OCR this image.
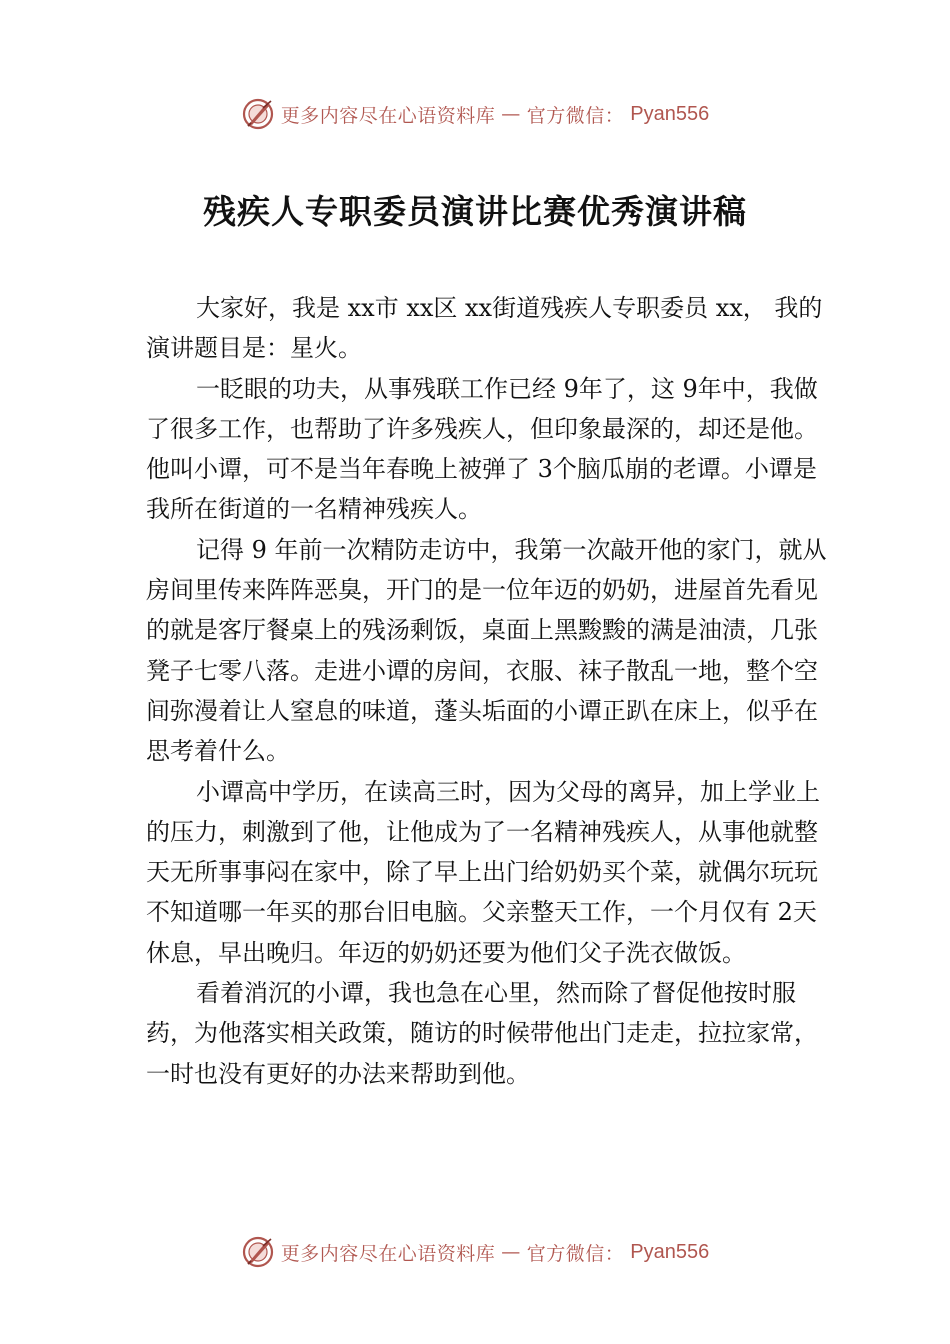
更多内容尽在心语资料库 — 官方微信： Pyan556
残疾人专职委员演讲比赛优秀演讲稿

大家好，我是 xx市 xx区 xx街道残疾人专职委员 xx， 我的演讲题目是：星火。

一眨眼的功夫，从事残联工作已经 9年了，这 9年中，我做了很多工作，也帮助了许多残疾人，但印象最深的，却还是他。他叫小谭，可不是当年春晚上被弹了 3个脑瓜崩的老谭。小谭是我所在街道的一名精神残疾人。

记得 9 年前一次精防走访中，我第一次敲开他的家门，就从房间里传来阵阵恶臭，开门的是一位年迈的奶奶，进屋首先看见的就是客厅餐桌上的残汤剩饭，桌面上黑黢黢的满是油渍，几张凳子七零八落。走进小谭的房间，衣服、袜子散乱一地，整个空间弥漫着让人窒息的味道，蓬头垢面的小谭正趴在床上，似乎在思考着什么。

小谭高中学历，在读高三时，因为父母的离异，加上学业上的压力，刺激到了他，让他成为了一名精神残疾人，从事他就整天无所事事闷在家中，除了早上出门给奶奶买个菜，就偶尔玩玩不知道哪一年买的那台旧电脑。父亲整天工作，一个月仅有 2天休息，早出晚归。年迈的奶奶还要为他们父子洗衣做饭。

看着消沉的小谭，我也急在心里，然而除了督促他按时服药，为他落实相关政策，随访的时候带他出门走走，拉拉家常，一时也没有更好的办法来帮助到他。

更多内容尽在心语资料库 — 官方微信： Pyan556
